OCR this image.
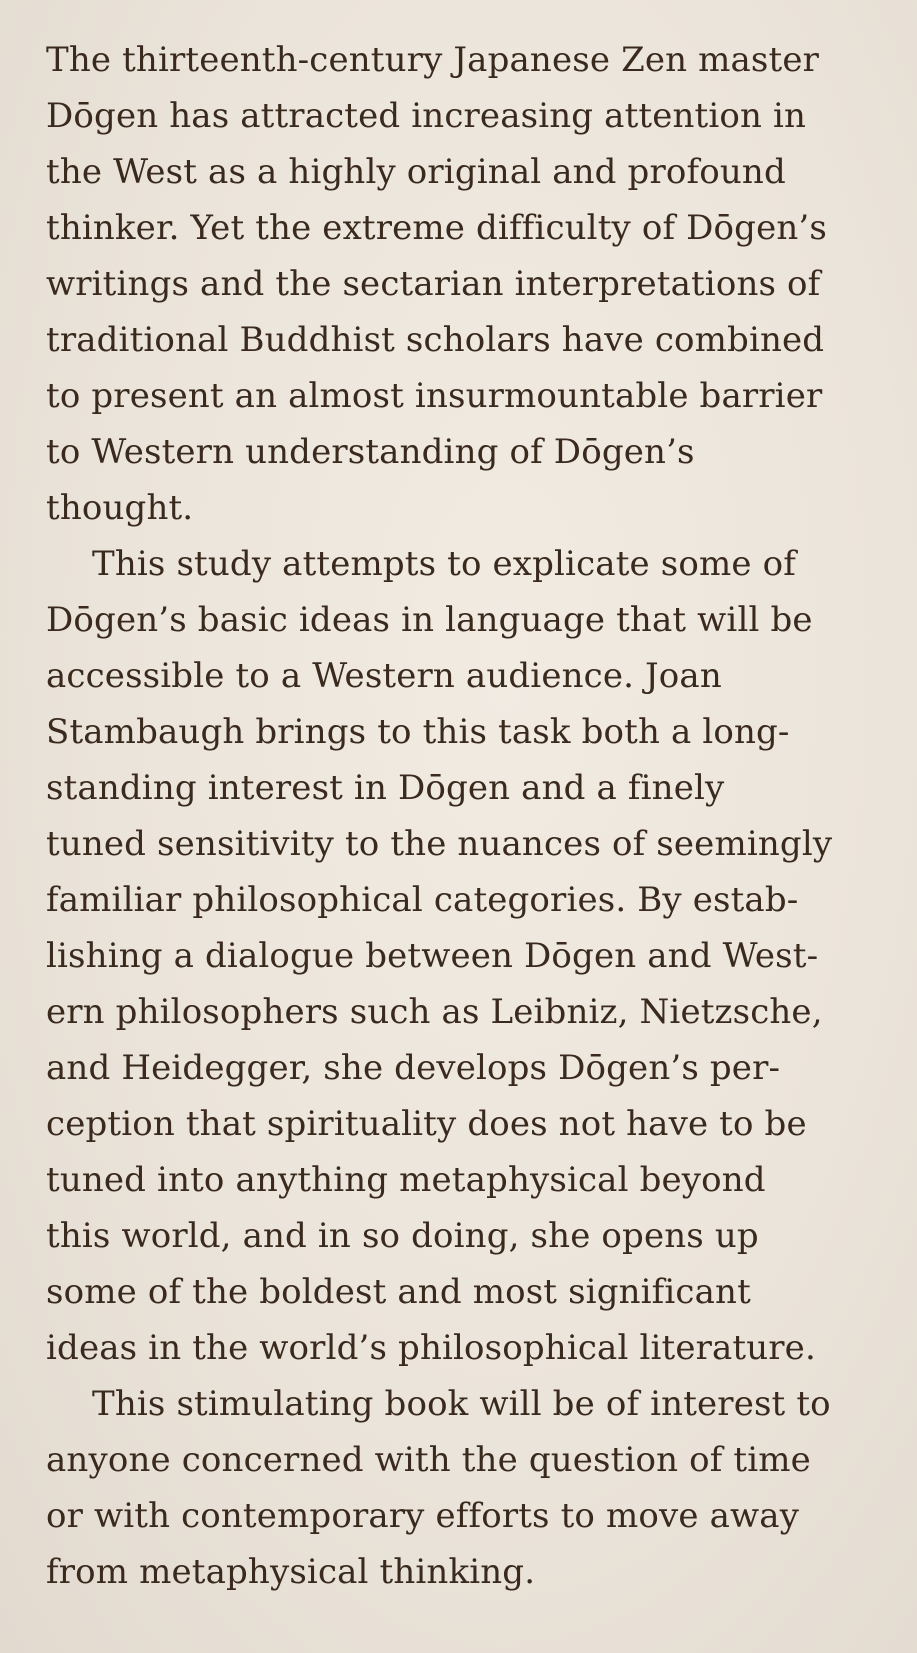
The thirteenth-century Japanese Zen master
Dōgen has attracted increasing attention in
the West as a highly original and profound
thinker. Yet the extreme difficulty of Dōgen’s
writings and the sectarian interpretations of
traditional Buddhist scholars have combined
to present an almost insurmountable barrier
to Western understanding of Dōgen’s
thought.
This study attempts to explicate some of
Dōgen’s basic ideas in language that will be
accessible to a Western audience. Joan
Stambaugh brings to this task both a long-
standing interest in Dōgen and a finely
tuned sensitivity to the nuances of seemingly
familiar philosophical categories. By estab-
lishing a dialogue between Dōgen and West-
ern philosophers such as Leibniz, Nietzsche,
and Heidegger, she develops Dōgen’s per-
ception that spirituality does not have to be
tuned into anything metaphysical beyond
this world, and in so doing, she opens up
some of the boldest and most significant
ideas in the world’s philosophical literature.
This stimulating book will be of interest to
anyone concerned with the question of time
or with contemporary efforts to move away
from metaphysical thinking.
